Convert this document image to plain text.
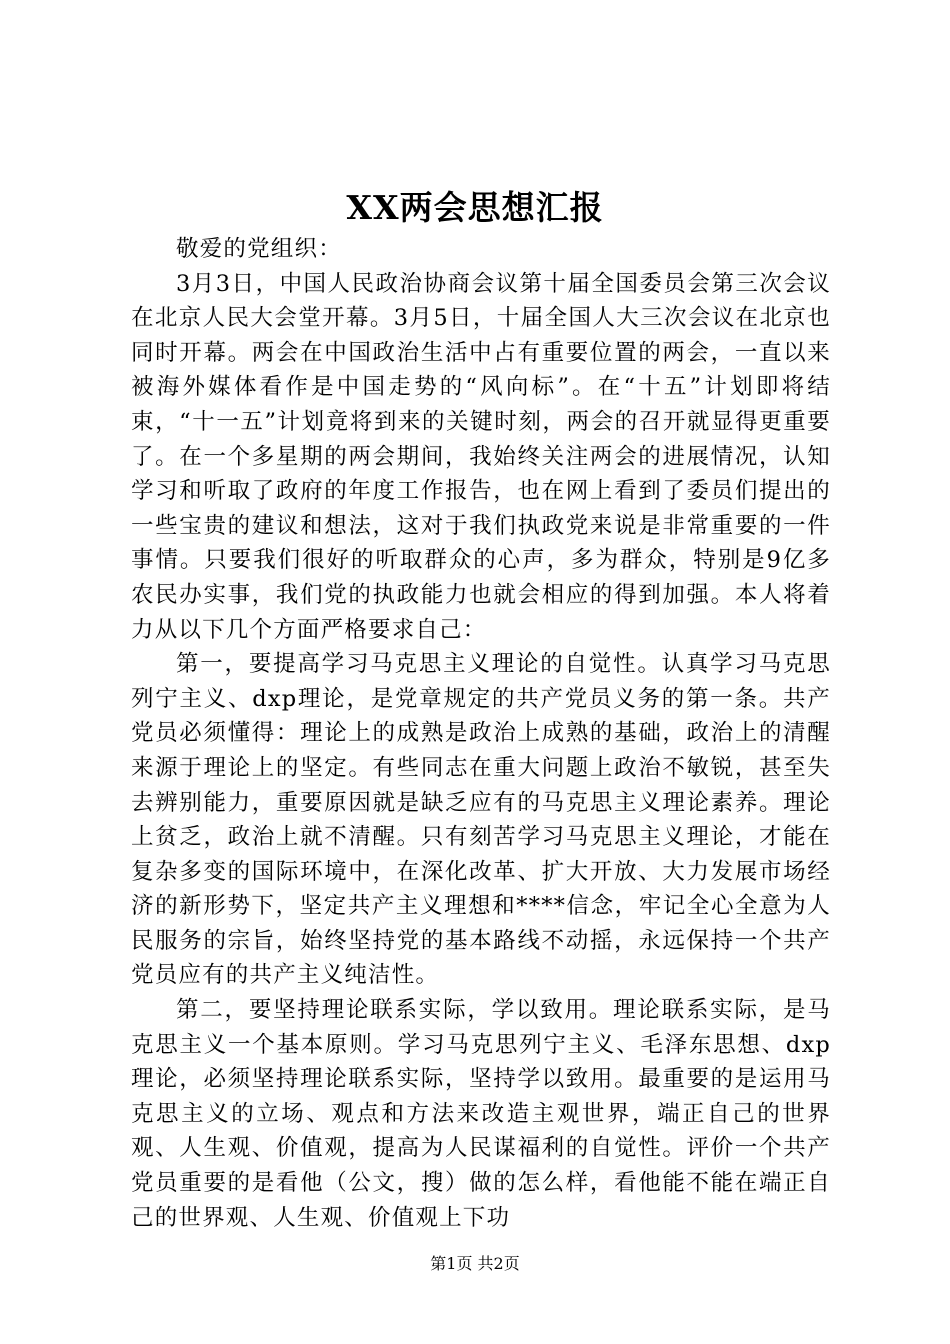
XX两会思想汇报

敬爱的党组织：

3月3日，中国人民政治协商会议第十届全国委员会第三次会议在北京人民大会堂开幕。3月5日，十届全国人大三次会议在北京也同时开幕。两会在中国政治生活中占有重要位置的两会，一直以来被海外媒体看作是中国走势的“风向标”。在“十五”计划即将结束，“十一五”计划竟将到来的关键时刻，两会的召开就显得更重要了。在一个多星期的两会期间，我始终关注两会的进展情况，认知学习和听取了政府的年度工作报告，也在网上看到了委员们提出的一些宝贵的建议和想法，这对于我们执政党来说是非常重要的一件事情。只要我们很好的听取群众的心声，多为群众，特别是9亿多农民办实事，我们党的执政能力也就会相应的得到加强。本人将着力从以下几个方面严格要求自己：

第一，要提高学习马克思主义理论的自觉性。认真学习马克思列宁主义、dxp理论，是党章规定的共产党员义务的第一条。共产党员必须懂得：理论上的成熟是政治上成熟的基础，政治上的清醒来源于理论上的坚定。有些同志在重大问题上政治不敏锐，甚至失去辨别能力，重要原因就是缺乏应有的马克思主义理论素养。理论上贫乏，政治上就不清醒。只有刻苦学习马克思主义理论，才能在复杂多变的国际环境中，在深化改革、扩大开放、大力发展市场经济的新形势下，坚定共产主义理想和****信念，牢记全心全意为人民服务的宗旨，始终坚持党的基本路线不动摇，永远保持一个共产党员应有的共产主义纯洁性。

第二，要坚持理论联系实际，学以致用。理论联系实际，是马克思主义一个基本原则。学习马克思列宁主义、毛泽东思想、dxp理论，必须坚持理论联系实际，坚持学以致用。最重要的是运用马克思主义的立场、观点和方法来改造主观世界，端正自己的世界观、人生观、价值观，提高为人民谋福利的自觉性。评价一个共产党员重要的是看他（公文，搜）做的怎么样，看他能不能在端正自己的世界观、人生观、价值观上下功

第1页 共2页
